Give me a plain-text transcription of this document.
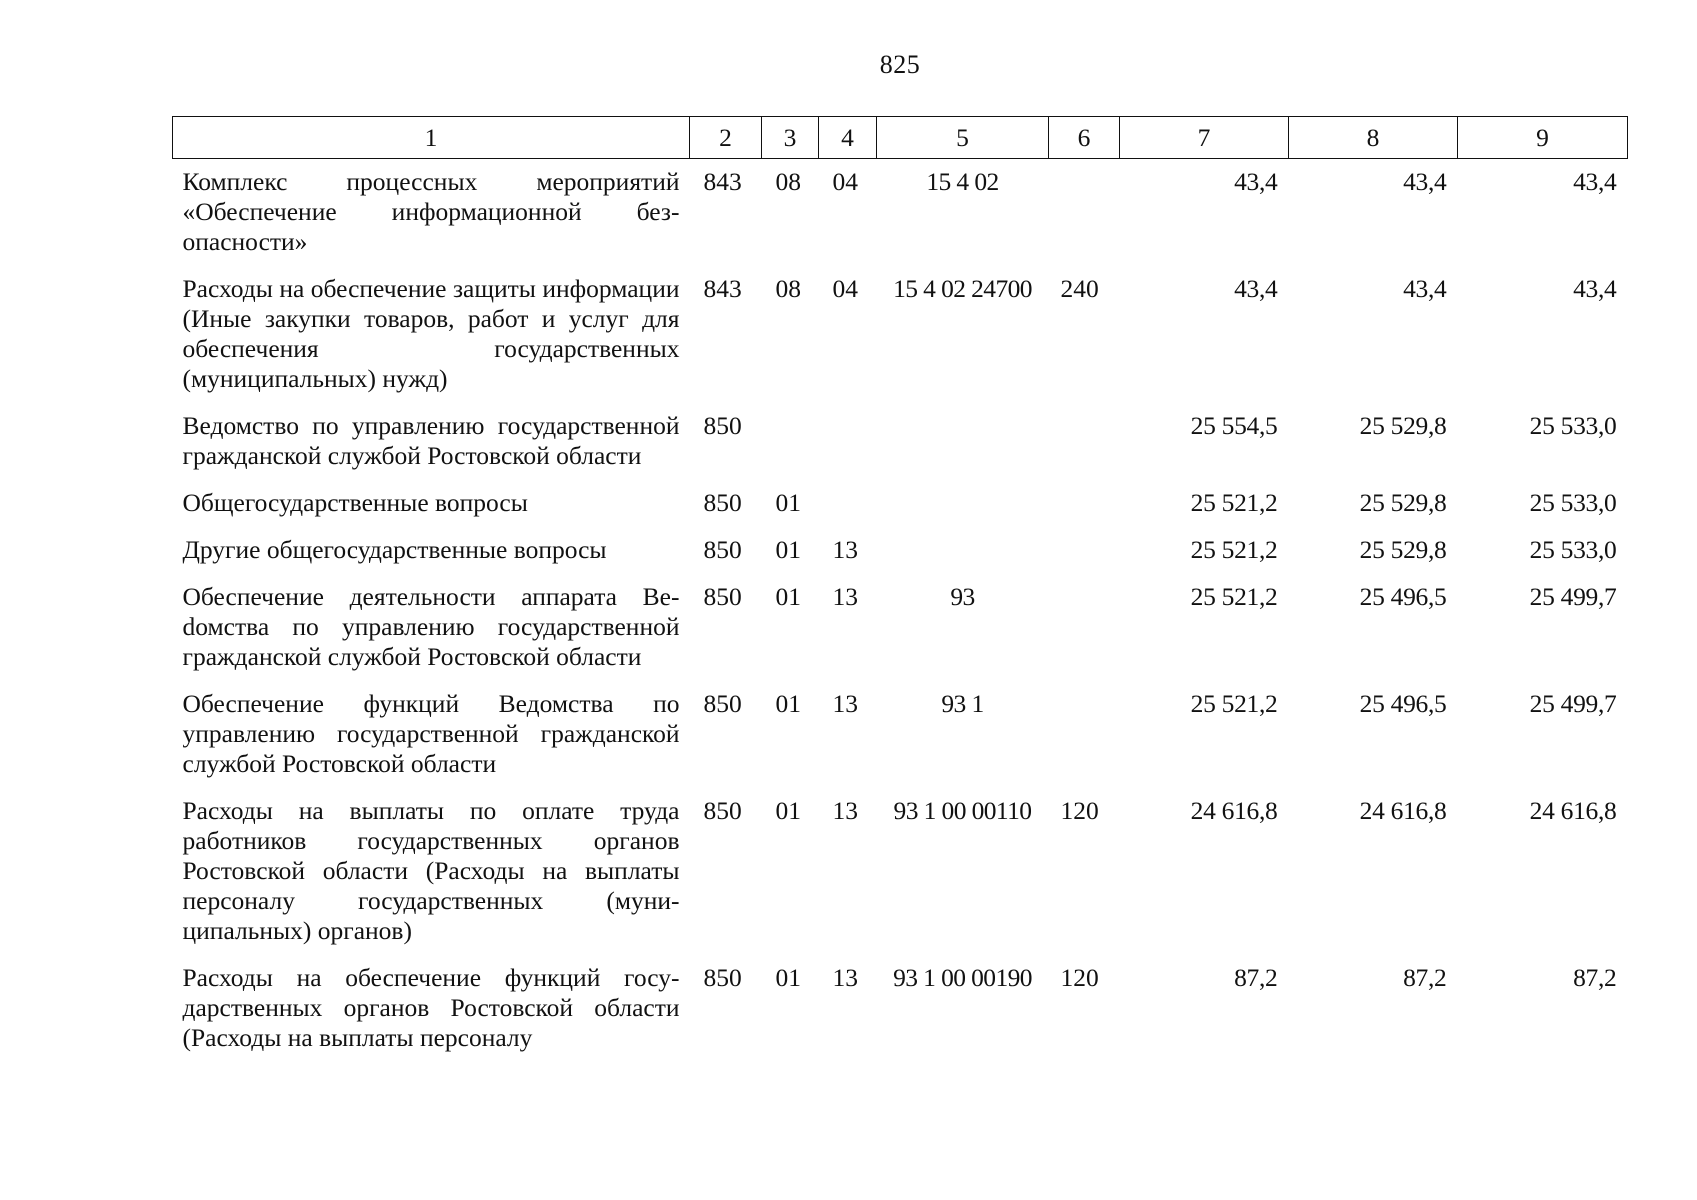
825
1	2	3	4	5	6	7	8	9
Комплекс процессных мероприятий «Обеспечение информационной безопасности»	843	08	04	15 4 02		43,4	43,4	43,4
Расходы на обеспечение защиты информации (Иные закупки товаров, работ и услуг для обеспечения государственных (муниципальных) нужд)	843	08	04	15 4 02 24700	240	43,4	43,4	43,4
Ведомство по управлению государственной гражданской службой Ростовской области	850					25 554,5	25 529,8	25 533,0
Общегосударственные вопросы	850	01				25 521,2	25 529,8	25 533,0
Другие общегосударственные вопросы	850	01	13			25 521,2	25 529,8	25 533,0
Обеспечение деятельности аппарата Веdомства по управлению государственной гражданской службой Ростовской области	850	01	13	93		25 521,2	25 496,5	25 499,7
Обеспечение функций Ведомства по управлению государственной гражданской службой Ростовской области	850	01	13	93 1		25 521,2	25 496,5	25 499,7
Расходы на выплаты по оплате труда работников государственных органов Ростовской области (Расходы на выплаты персоналу государственных (муниципальных) органов)	850	01	13	93 1 00 00110	120	24 616,8	24 616,8	24 616,8
Расходы на обеспечение функций государственных органов Ростовской области (Расходы на выплаты персоналу	850	01	13	93 1 00 00190	120	87,2	87,2	87,2
